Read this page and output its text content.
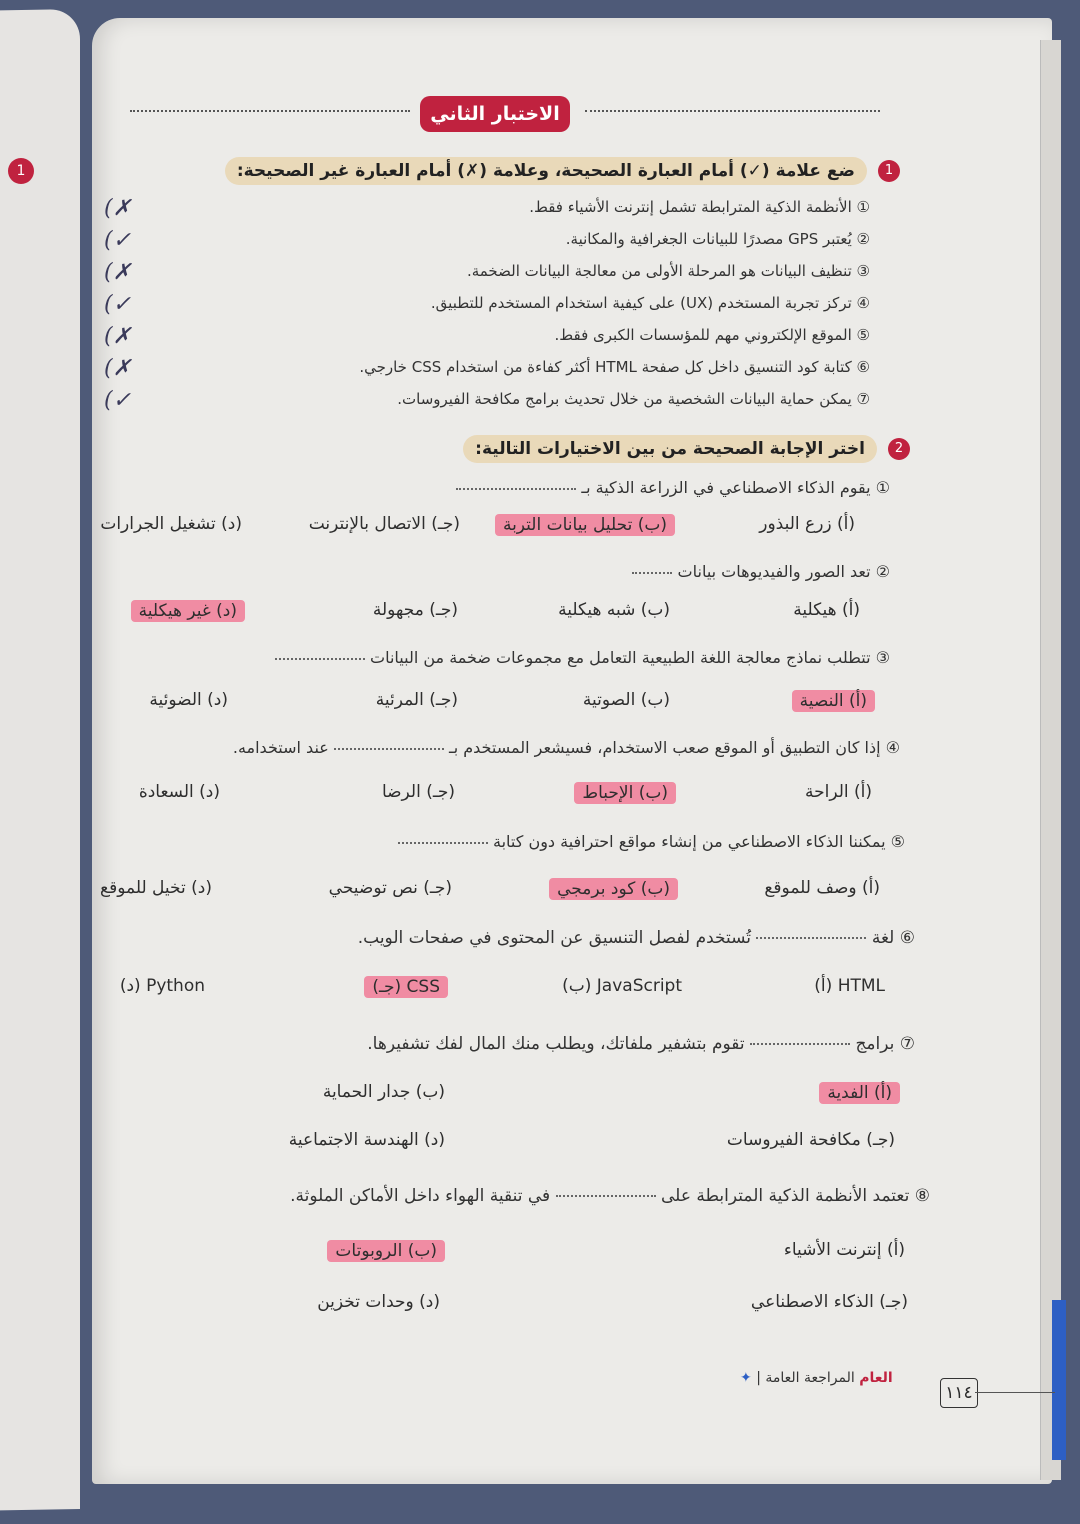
1
الاختبار الثاني
1 ضع علامة (✓) أمام العبارة الصحيحة، وعلامة (✗) أمام العبارة غير الصحيحة:
① الأنظمة الذكية المترابطة تشمل إنترنت الأشياء فقط.
② يُعتبر GPS مصدرًا للبيانات الجغرافية والمكانية.
③ تنظيف البيانات هو المرحلة الأولى من معالجة البيانات الضخمة.
④ تركز تجربة المستخدم (UX) على كيفية استخدام المستخدم للتطبيق.
⑤ الموقع الإلكتروني مهم للمؤسسات الكبرى فقط.
⑥ كتابة كود التنسيق داخل كل صفحة HTML أكثر كفاءة من استخدام CSS خارجي.
⑦ يمكن حماية البيانات الشخصية من خلال تحديث برامج مكافحة الفيروسات.
(✗
(✓
(✗
(✓
(✗
(✗
(✓
2 اختر الإجابة الصحيحة من بين الاختيارات التالية:
① يقوم الذكاء الاصطناعي في الزراعة الذكية بـ
② تعد الصور والفيديوهات بيانات
③ تتطلب نماذج معالجة اللغة الطبيعية التعامل مع مجموعات ضخمة من البيانات
④ إذا كان التطبيق أو الموقع صعب الاستخدام، فسيشعر المستخدم بـ  عند استخدامه.
⑤ يمكننا الذكاء الاصطناعي من إنشاء مواقع احترافية دون كتابة
⑥ لغة  تُستخدم لفصل التنسيق عن المحتوى في صفحات الويب.
⑦ برامج  تقوم بتشفير ملفاتك، ويطلب منك المال لفك تشفيرها.
⑧ تعتمد الأنظمة الذكية المترابطة على  في تنقية الهواء داخل الأماكن الملوثة.
(أ) زرع البذور
(ب) تحليل بيانات التربة
(جـ) الاتصال بالإنترنت
(د) تشغيل الجرارات
(أ) هيكلية
(ب) شبه هيكلية
(جـ) مجهولة
(د) غير هيكلية
(أ) النصية
(ب) الصوتية
(جـ) المرئية
(د) الضوئية
(أ) الراحة
(ب) الإحباط
(جـ) الرضا
(د) السعادة
(أ) وصف للموقع
(ب) كود برمجي
(جـ) نص توضيحي
(د) تخيل للموقع
HTML (أ)
JavaScript (ب)
CSS (جـ)
Python (د)
(أ) الفدية
(ب) جدار الحماية
(جـ) مكافحة الفيروسات
(د) الهندسة الاجتماعية
(أ) إنترنت الأشياء
(ب) الروبوتات
(جـ) الذكاء الاصطناعي
(د) وحدات تخزين
العام المراجعة العامة | ✦
١١٤
